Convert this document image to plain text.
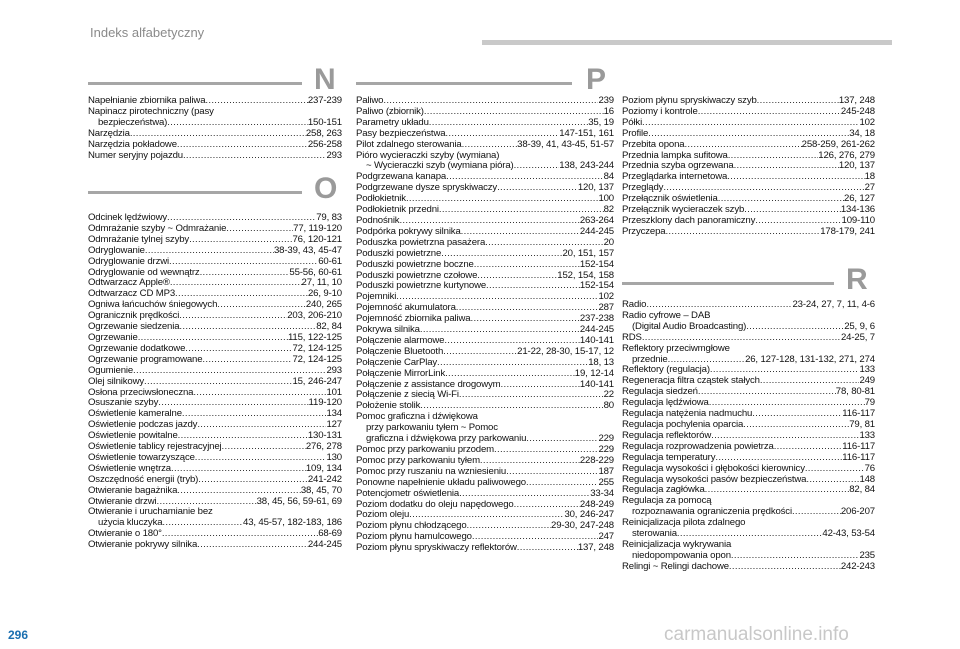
Indeks alfabetyczny
N
Napełnianie zbiornika paliwa .....	237-239
Napinacz pirotechniczny (pasy
bezpieczeństwa) .....	150-151
Narzędzia .....	258, 263
Narzędzia pokładowe .....	256-258
Numer seryjny pojazdu .....	293
O
Odcinek lędźwiowy .....	79, 83
Odmrażanie szyby ~ Odmrażanie .....	77, 119-120
Odmrażanie tylnej szyby .....	76, 120-121
Odryglowanie .....	38-39, 43, 45-47
Odryglowanie drzwi .....	60-61
Odryglowanie od wewnątrz .....	55-56, 60-61
Odtwarzacz Apple® .....	27, 11, 10
Odtwarzacz CD MP3 .....	26, 9-10
Ogniwa łańcuchów śniegowych .....	240, 265
Ogranicznik prędkości .....	203, 206-210
Ogrzewanie siedzenia .....	82, 84
Ogrzewanie .....	115, 122-125
Ogrzewanie dodatkowe .....	72, 124-125
Ogrzewanie programowane .....	72, 124-125
Ogumienie .....	293
Olej silnikowy .....	15, 246-247
Osłona przeciwsłoneczna .....	101
Osuszanie szyby .....	119-120
Oświetlenie kameralne .....	134
Oświetlenie podczas jazdy .....	127
Oświetlenie powitalne .....	130-131
Oświetlenie tablicy rejestracyjnej .....	276, 278
Oświetlenie towarzyszące .....	130
Oświetlenie wnętrza .....	109, 134
Oszczędność energii (tryb) .....	241-242
Otwieranie bagażnika .....	38, 45, 70
Otwieranie drzwi .....	38, 45, 56, 59-61, 69
Otwieranie i uruchamianie bez
użycia kluczyka .....	43, 45-57, 182-183, 186
Otwieranie o 180° .....	68-69
Otwieranie pokrywy silnika .....	244-245
P
Paliwo .....	239
Paliwo (zbiornik) .....	16
Parametry układu .....	35, 19
Pasy bezpieczeństwa .....	147-151, 161
Pilot zdalnego sterowania .....	38-39, 41, 43-45, 51-57
Pióro wycieraczki szyby (wymiana)
~ Wycieraczki szyb (wymiana pióra) .....	138, 243-244
Podgrzewana kanapa .....	84
Podgrzewane dysze spryskiwaczy .....	120, 137
Podłokietnik .....	100
Podłokietnik przedni .....	82
Podnośnik .....	263-264
Podpórka pokrywy silnika .....	244-245
Poduszka powietrzna pasażera .....	20
Poduszki powietrzne .....	20, 151, 157
Poduszki powietrzne boczne .....	152-154
Poduszki powietrzne czołowe .....	152, 154, 158
Poduszki powietrzne kurtynowe .....	152-154
Pojemniki .....	102
Pojemność akumulatora .....	287
Pojemność zbiornika paliwa .....	237-238
Pokrywa silnika .....	244-245
Połączenie alarmowe .....	140-141
Połączenie Bluetooth .....	21-22, 28-30, 15-17, 12
Połączenie CarPlay .....	18, 13
Połączenie MirrorLink .....	19, 12-14
Połączenie z assistance drogowym .....	140-141
Połączenie z siecią Wi-Fi .....	22
Położenie stolik .....	80
Pomoc graficzna i dźwiękowa
przy parkowaniu tyłem ~ Pomoc
graficzna i dźwiękowa przy parkowaniu .....	229
Pomoc przy parkowaniu przodem .....	229
Pomoc przy parkowaniu tyłem .....	228-229
Pomoc przy ruszaniu na wzniesieniu .....	187
Ponowne napełnienie układu paliwowego .....	255
Potencjometr oświetlenia .....	33-34
Poziom dodatku do oleju napędowego .....	248-249
Poziom oleju .....	30, 246-247
Poziom płynu chłodzącego .....	29-30, 247-248
Poziom płynu hamulcowego .....	247
Poziom płynu spryskiwaczy reflektorów .....	137, 248
Poziom płynu spryskiwaczy szyb .....	137, 248
Poziomy i kontrole .....	245-248
Półki .....	102
Profile .....	34, 18
Przebita opona .....	258-259, 261-262
Przednia lampka sufitowa .....	126, 276, 279
Przednia szyba ogrzewana .....	120, 137
Przeglądarka internetowa .....	18
Przeglądy .....	27
Przełącznik oświetlenia .....	26, 127
Przełącznik wycieraczek szyb .....	134-136
Przeszklony dach panoramiczny .....	109-110
Przyczepa .....	178-179, 241
R
Radio .....	23-24, 27, 7, 11, 4-6
Radio cyfrowe – DAB
(Digital Audio Broadcasting) .....	25, 9, 6
RDS .....	24-25, 7
Reflektory przeciwmgłowe
przednie .....	26, 127-128, 131-132, 271, 274
Reflektory (regulacja) .....	133
Regeneracja filtra cząstek stałych .....	249
Regulacja siedzeń .....	78, 80-81
Regulacja lędźwiowa .....	79
Regulacja natężenia nadmuchu .....	116-117
Regulacja pochylenia oparcia .....	79, 81
Regulacja reflektorów .....	133
Regulacja rozprowadzenia powietrza .....	116-117
Regulacja temperatury .....	116-117
Regulacja wysokości i głębokości kierownicy .....	76
Regulacja wysokości pasów bezpieczeństwa .....	148
Regulacja zagłówka .....	82, 84
Regulacja za pomocą
rozpoznawania ograniczenia prędkości .....	206-207
Reinicjalizacja pilota zdalnego
sterowania .....	42-43, 53-54
Reinicjalizacja wykrywania
niedopompowania opon .....	235
Relingi ~ Relingi dachowe .....	242-243
296	carmanualsonline.info
